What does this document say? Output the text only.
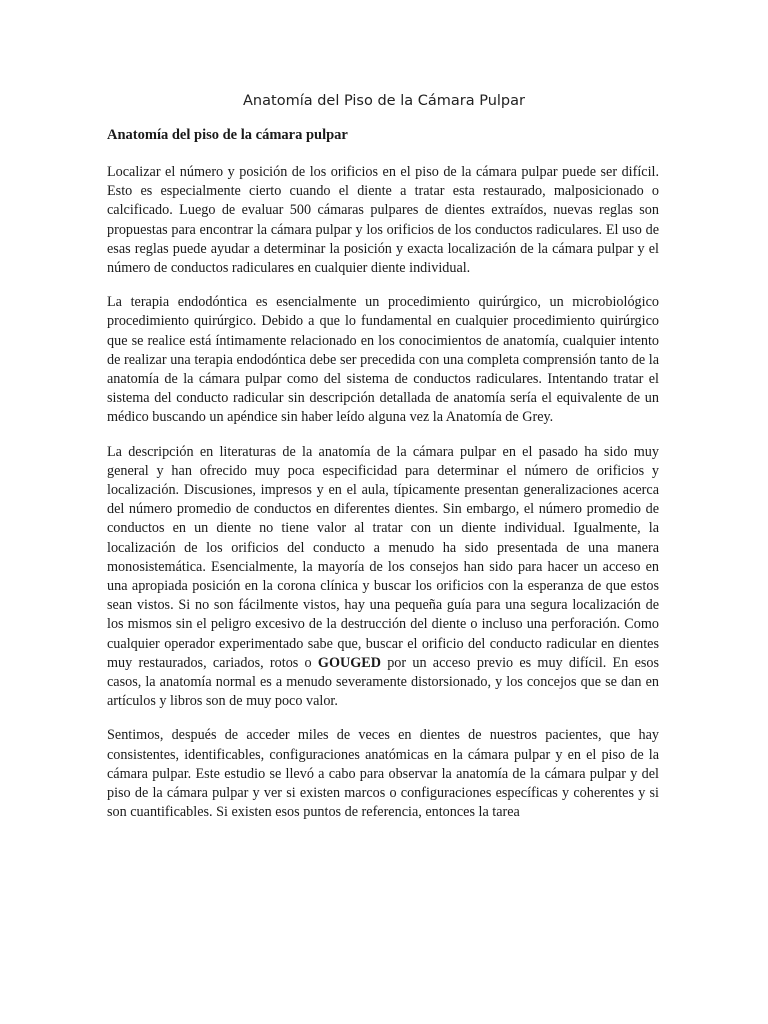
Anatomía del Piso de la Cámara Pulpar
Anatomía del piso de la cámara pulpar

Localizar el número y posición de los orificios en el piso de la cámara pulpar puede ser difícil. Esto es especialmente cierto cuando el diente a tratar esta restaurado, malposicionado o calcificado. Luego de evaluar 500 cámaras pulpares de dientes extraídos, nuevas reglas son propuestas para encontrar la cámara pulpar y los orificios de los conductos radiculares. El uso de esas reglas puede ayudar a determinar la posición y exacta localización de la cámara pulpar y el número de conductos radiculares en cualquier diente individual.

La terapia endodóntica es esencialmente un procedimiento quirúrgico, un microbiológico procedimiento quirúrgico. Debido a que lo fundamental en cualquier procedimiento quirúrgico que se realice está íntimamente relacionado en los conocimientos de anatomía, cualquier intento de realizar una terapia endodóntica debe ser precedida con una completa comprensión tanto de la anatomía de la cámara pulpar como del sistema de conductos radiculares. Intentando tratar el sistema del conducto radicular sin descripción detallada de anatomía sería el equivalente de un médico buscando un apéndice sin haber leído alguna vez la Anatomía de Grey.

La descripción en literaturas de la anatomía de la cámara pulpar en el pasado ha sido muy general y han ofrecido muy poca especificidad para determinar el número de orificios y localización. Discusiones, impresos y en el aula, típicamente presentan generalizaciones acerca del número promedio de conductos en diferentes dientes. Sin embargo, el número promedio de conductos en un diente no tiene valor al tratar con un diente individual. Igualmente, la localización de los orificios del conducto a menudo ha sido presentada de una manera monosistemática. Esencialmente, la mayoría de los consejos han sido para hacer un acceso en una apropiada posición en la corona clínica y buscar los orificios con la esperanza de que estos sean vistos. Si no son fácilmente vistos, hay una pequeña guía para una segura localización de los mismos sin el peligro excesivo de la destrucción del diente o incluso una perforación. Como cualquier operador experimentado sabe que, buscar el orificio del conducto radicular en dientes muy restaurados, cariados, rotos o GOUGED por un acceso previo es muy difícil. En esos casos, la anatomía normal es a menudo severamente distorsionado, y los concejos que se dan en artículos y libros son de muy poco valor.

Sentimos, después de acceder miles de veces en dientes de nuestros pacientes, que hay consistentes, identificables, configuraciones anatómicas en la cámara pulpar y en el piso de la cámara pulpar. Este estudio se llevó a cabo para observar la anatomía de la cámara pulpar y del piso de la cámara pulpar y ver si existen marcos o configuraciones específicas y coherentes y si son cuantificables. Si existen esos puntos de referencia, entonces la tarea
